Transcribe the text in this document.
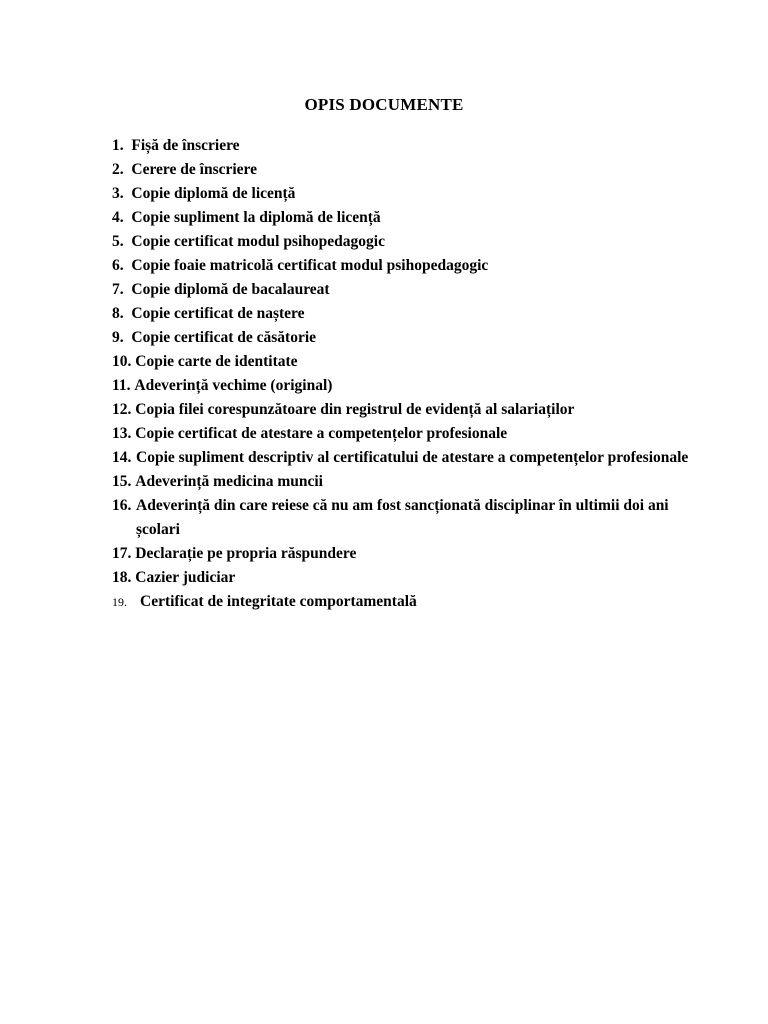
OPIS DOCUMENTE
1. Fișă de înscriere
2. Cerere de înscriere
3. Copie diplomă de licență
4. Copie supliment la diplomă de licență
5. Copie certificat modul psihopedagogic
6. Copie foaie matricolă certificat modul psihopedagogic
7. Copie diplomă de bacalaureat
8. Copie certificat de naștere
9. Copie certificat de căsătorie
10. Copie carte de identitate
11. Adeverință vechime (original)
12. Copia filei corespunzătoare din registrul de evidență al salariaților
13. Copie certificat de atestare a competențelor profesionale
14. Copie supliment descriptiv al certificatului de atestare a competențelor profesionale
15. Adeverință medicina muncii
16. Adeverință din care reiese că nu am fost sancționată disciplinar în ultimii doi ani școlari
17. Declarație pe propria răspundere
18. Cazier judiciar
19. Certificat de integritate comportamentală
